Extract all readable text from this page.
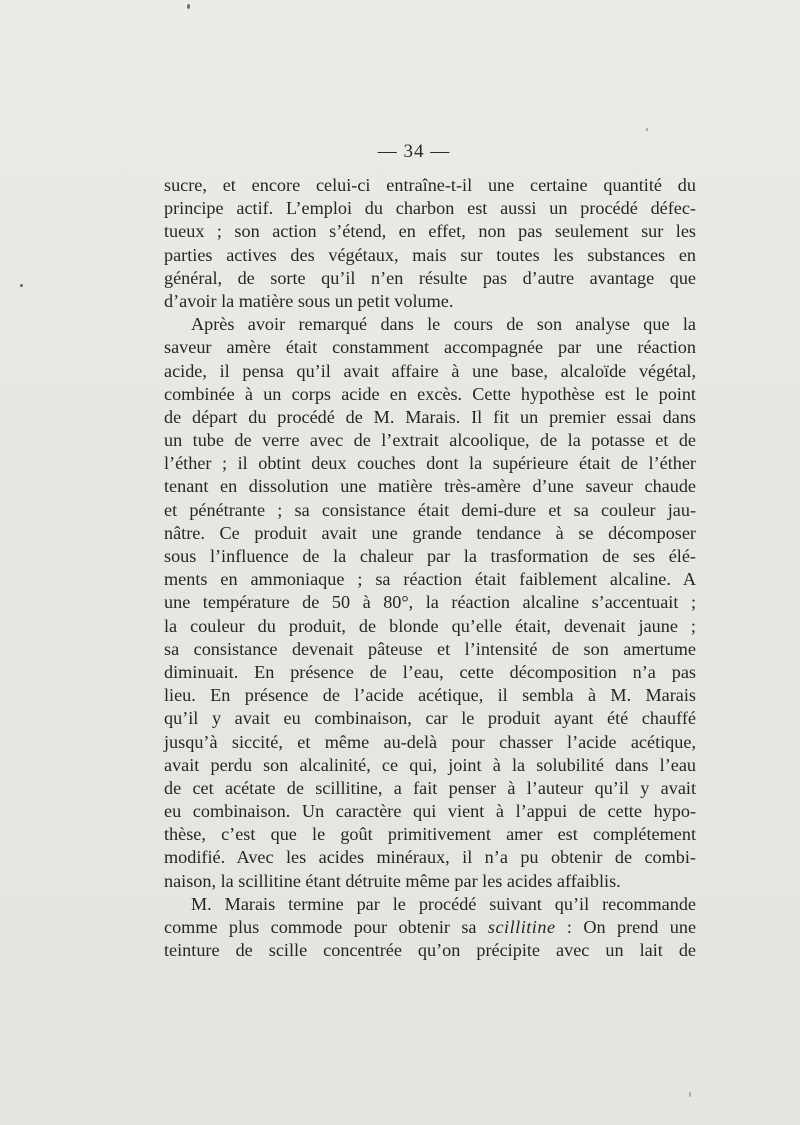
— 34 —
sucre, et encore celui-ci entraîne-t-il une certaine quantité du
principe actif. L’emploi du charbon est aussi un procédé défec-
tueux ; son action s’étend, en effet, non pas seulement sur les
parties actives des végétaux, mais sur toutes les substances en
général, de sorte qu’il n’en résulte pas d’autre avantage que
d’avoir la matière sous un petit volume.
Après avoir remarqué dans le cours de son analyse que la
saveur amère était constamment accompagnée par une réaction
acide, il pensa qu’il avait affaire à une base, alcaloïde végétal,
combinée à un corps acide en excès. Cette hypothèse est le point
de départ du procédé de M. Marais. Il fit un premier essai dans
un tube de verre avec de l’extrait alcoolique, de la potasse et de
l’éther ; il obtint deux couches dont la supérieure était de l’éther
tenant en dissolution une matière très-amère d’une saveur chaude
et pénétrante ; sa consistance était demi-dure et sa couleur jau-
nâtre. Ce produit avait une grande tendance à se décomposer
sous l’influence de la chaleur par la trasformation de ses élé-
ments en ammoniaque ; sa réaction était faiblement alcaline. A
une température de 50 à 80°, la réaction alcaline s’accentuait ;
la couleur du produit, de blonde qu’elle était, devenait jaune ;
sa consistance devenait pâteuse et l’intensité de son amertume
diminuait. En présence de l’eau, cette décomposition n’a pas
lieu. En présence de l’acide acétique, il sembla à M. Marais
qu’il y avait eu combinaison, car le produit ayant été chauffé
jusqu’à siccité, et même au-delà pour chasser l’acide acétique,
avait perdu son alcalinité, ce qui, joint à la solubilité dans l’eau
de cet acétate de scillitine, a fait penser à l’auteur qu’il y avait
eu combinaison. Un caractère qui vient à l’appui de cette hypo-
thèse, c’est que le goût primitivement amer est complétement
modifié. Avec les acides minéraux, il n’a pu obtenir de combi-
naison, la scillitine étant détruite même par les acides affaiblis.
M. Marais termine par le procédé suivant qu’il recommande
comme plus commode pour obtenir sa scillitine : On prend une
teinture de scille concentrée qu’on précipite avec un lait de
